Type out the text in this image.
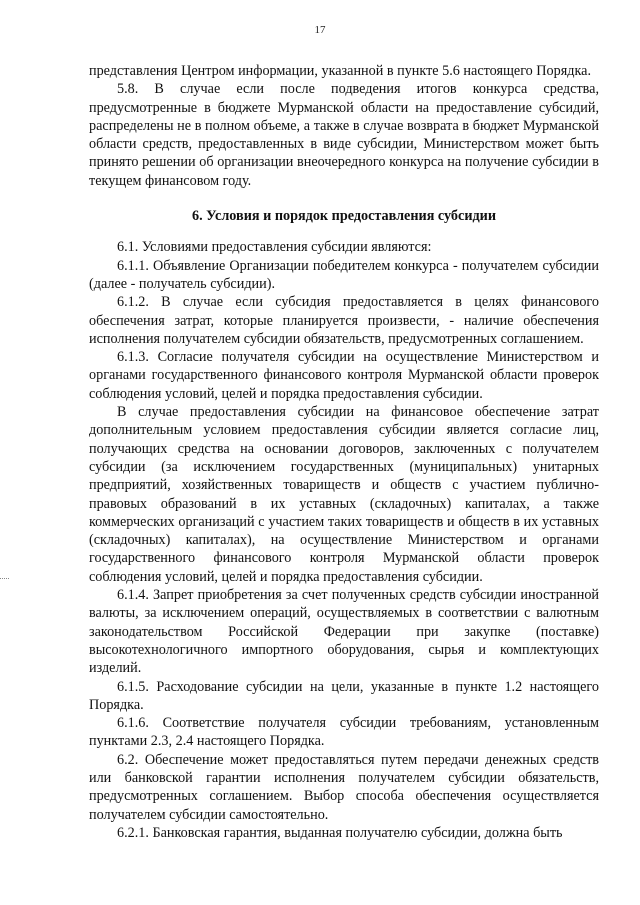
17

представления Центром информации, указанной в пункте 5.6 настоящего Порядка.

5.8. В случае если после подведения итогов конкурса средства, предусмотренные в бюджете Мурманской области на предоставление субсидий, распределены не в полном объеме, а также в случае возврата в бюджет Мурманской области средств, предоставленных в виде субсидии, Министерством может быть принято решении об организации внеочередного конкурса на получение субсидии в текущем финансовом году.

6. Условия и порядок предоставления субсидии

6.1. Условиями предоставления субсидии являются:

6.1.1. Объявление Организации победителем конкурса - получателем субсидии (далее - получатель субсидии).

6.1.2. В случае если субсидия предоставляется в целях финансового обеспечения затрат, которые планируется произвести, - наличие обеспечения исполнения получателем субсидии обязательств, предусмотренных соглашением.

6.1.3. Согласие получателя субсидии на осуществление Министерством и органами государственного финансового контроля Мурманской области проверок соблюдения условий, целей и порядка предоставления субсидии.

В случае предоставления субсидии на финансовое обеспечение затрат дополнительным условием предоставления субсидии является согласие лиц, получающих средства на основании договоров, заключенных с получателем субсидии (за исключением государственных (муниципальных) унитарных предприятий, хозяйственных товариществ и обществ с участием публично-правовых образований в их уставных (складочных) капиталах, а также коммерческих организаций с участием таких товариществ и обществ в их уставных (складочных) капиталах), на осуществление Министерством и органами государственного финансового контроля Мурманской области проверок соблюдения условий, целей и порядка предоставления субсидии.

6.1.4. Запрет приобретения за счет полученных средств субсидии иностранной валюты, за исключением операций, осуществляемых в соответствии с валютным законодательством Российской Федерации при закупке (поставке) высокотехнологичного импортного оборудования, сырья и комплектующих изделий.

6.1.5. Расходование субсидии на цели, указанные в пункте 1.2 настоящего Порядка.

6.1.6. Соответствие получателя субсидии требованиям, установленным пунктами 2.3, 2.4 настоящего Порядка.

6.2. Обеспечение может предоставляться путем передачи денежных средств или банковской гарантии исполнения получателем субсидии обязательств, предусмотренных соглашением. Выбор способа обеспечения осуществляется получателем субсидии самостоятельно.

6.2.1. Банковская гарантия, выданная получателю субсидии, должна быть
